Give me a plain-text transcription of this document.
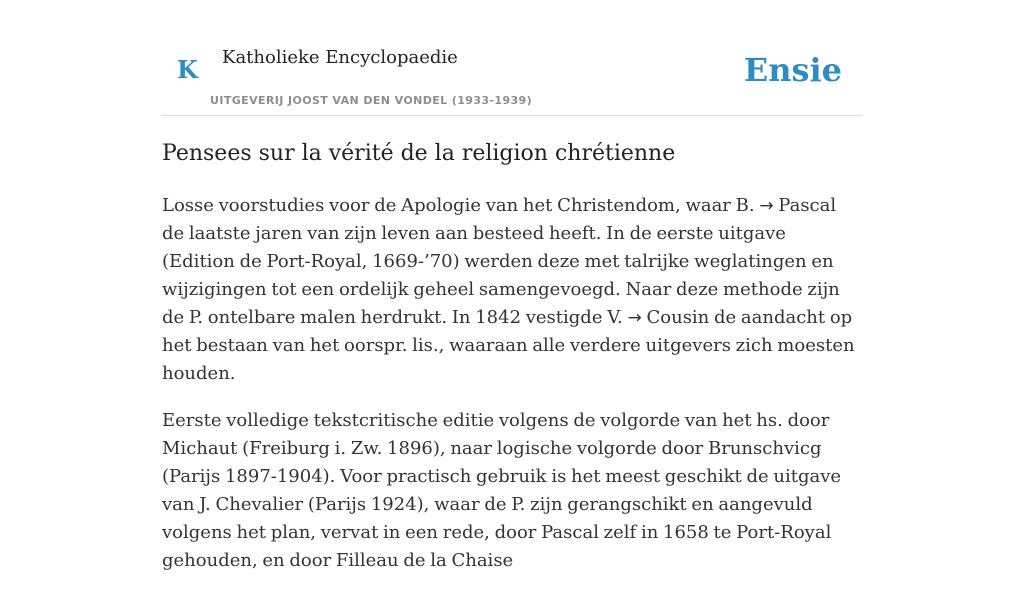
K Katholieke Encyclopaedie
UITGEVERIJ JOOST VAN DEN VONDEL (1933-1939)
Ensie
Pensees sur la vérité de la religion chrétienne

Losse voorstudies voor de Apologie van het Christendom, waar B. → Pascal de laatste jaren van zijn leven aan besteed heeft. In de eerste uitgave (Edition de Port-Royal, 1669-’70) werden deze met talrijke weglatingen en wijzigingen tot een ordelijk geheel samengevoegd. Naar deze methode zijn de P. ontelbare malen herdrukt. In 1842 vestigde V. → Cousin de aandacht op het bestaan van het oorspr. lis., waaraan alle verdere uitgevers zich moesten houden.

Eerste volledige tekstcritische editie volgens de volgorde van het hs. door Michaut (Freiburg i. Zw. 1896), naar logische volgorde door Brunschvicg (Parijs 1897-1904). Voor practisch gebruik is het meest geschikt de uitgave van J. Chevalier (Parijs 1924), waar de P. zijn gerangschikt en aangevuld volgens het plan, vervat in een rede, door Pascal zelf in 1658 te Port-Royal gehouden, en door Filleau de la Chaise
